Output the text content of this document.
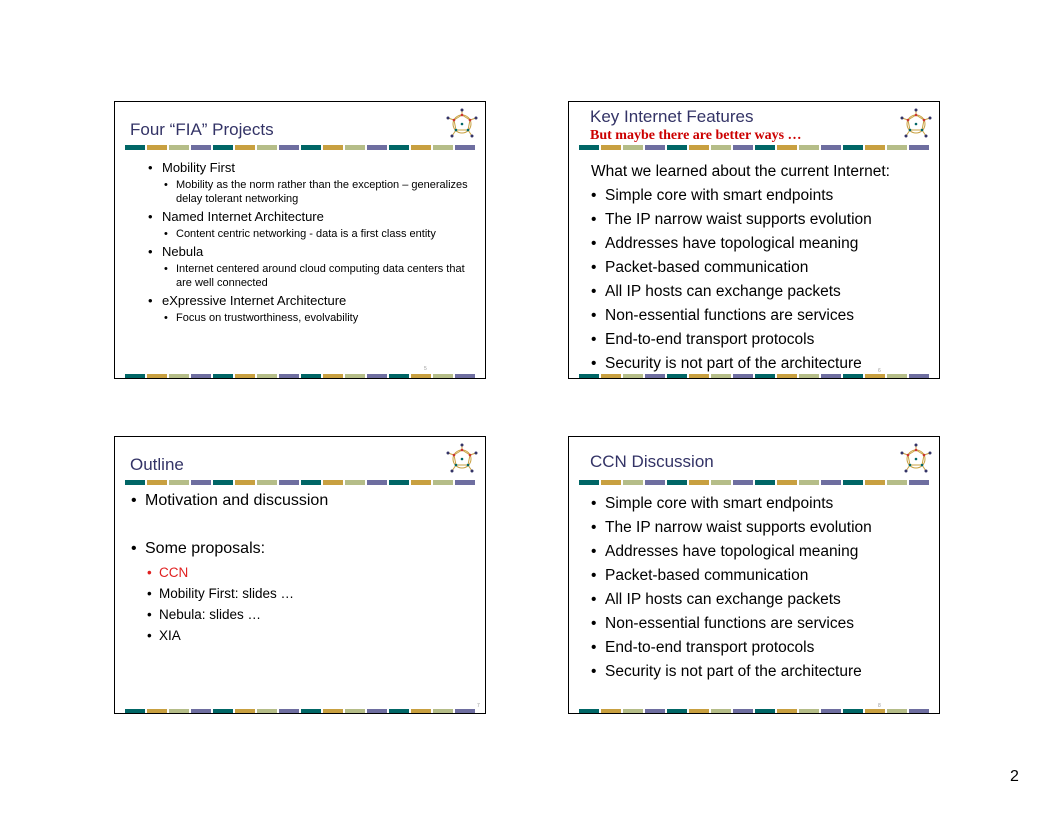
Four “FIA” Projects
• Mobility First
• Mobility as the norm rather than the exception – generalizes delay tolerant networking
• Named Internet Architecture
• Content centric networking - data is a first class entity
• Nebula
• Internet centered around cloud computing data centers that are well connected
• eXpressive Internet Architecture
• Focus on trustworthiness, evolvability
5
Key Internet Features
But maybe there are better ways …
What we learned about the current Internet:
• Simple core with smart endpoints
• The IP narrow waist supports evolution
• Addresses have topological meaning
• Packet-based communication
• All IP hosts can exchange packets
• Non-essential functions are services
• End-to-end transport protocols
• Security is not part of the architecture	6
Outline
• Motivation and discussion
• Some proposals:
• CCN
• Mobility First: slides …
• Nebula: slides …
• XIA
7
CCN Discussion
• Simple core with smart endpoints
• The IP narrow waist supports evolution
• Addresses have topological meaning
• Packet-based communication
• All IP hosts can exchange packets
• Non-essential functions are services
• End-to-end transport protocols
• Security is not part of the architecture
8
2
